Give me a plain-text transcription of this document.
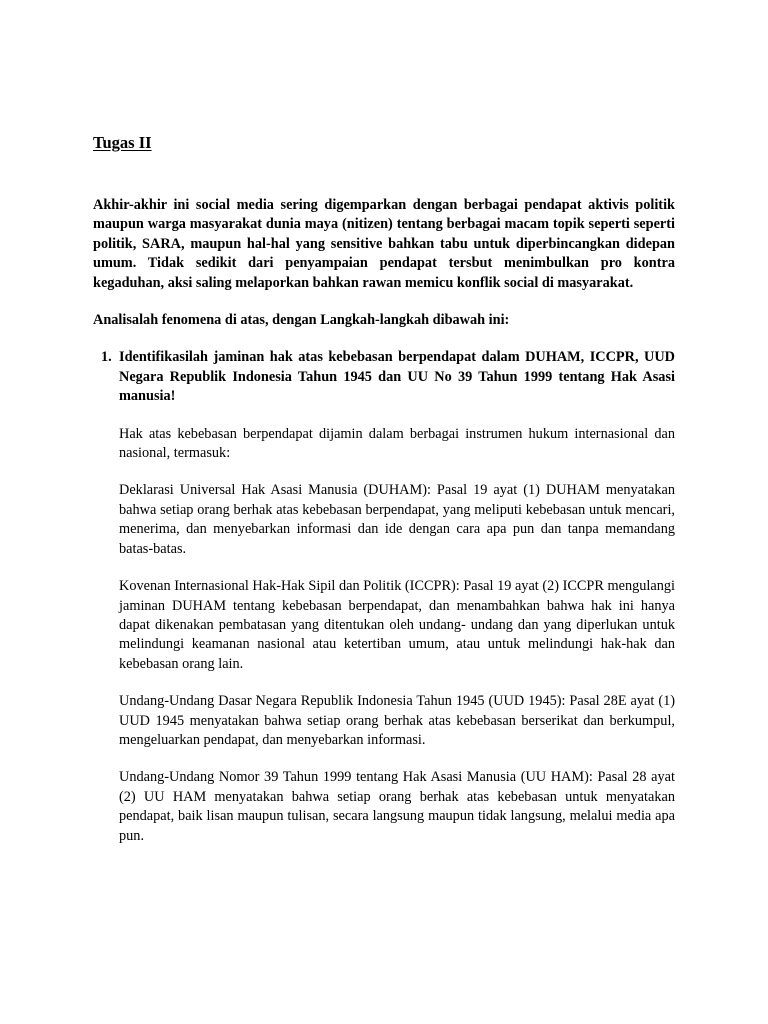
Tugas II

Akhir-akhir ini social media sering digemparkan dengan berbagai pendapat aktivis politik maupun warga masyarakat dunia maya (nitizen) tentang berbagai macam topik seperti seperti politik, SARA, maupun hal-hal yang sensitive bahkan tabu untuk diperbincangkan didepan umum. Tidak sedikit dari penyampaian pendapat tersbut menimbulkan pro kontra kegaduhan, aksi saling melaporkan bahkan rawan memicu konflik social di masyarakat.

Analisalah fenomena di atas, dengan Langkah-langkah dibawah ini:

1. Identifikasilah jaminan hak atas kebebasan berpendapat dalam DUHAM, ICCPR, UUD Negara Republik Indonesia Tahun 1945 dan UU No 39 Tahun 1999 tentang Hak Asasi manusia!

Hak atas kebebasan berpendapat dijamin dalam berbagai instrumen hukum internasional dan nasional, termasuk:

Deklarasi Universal Hak Asasi Manusia (DUHAM): Pasal 19 ayat (1) DUHAM menyatakan bahwa setiap orang berhak atas kebebasan berpendapat, yang meliputi kebebasan untuk mencari, menerima, dan menyebarkan informasi dan ide dengan cara apa pun dan tanpa memandang batas-batas.

Kovenan Internasional Hak-Hak Sipil dan Politik (ICCPR): Pasal 19 ayat (2) ICCPR mengulangi jaminan DUHAM tentang kebebasan berpendapat, dan menambahkan bahwa hak ini hanya dapat dikenakan pembatasan yang ditentukan oleh undang- undang dan yang diperlukan untuk melindungi keamanan nasional atau ketertiban umum, atau untuk melindungi hak-hak dan kebebasan orang lain.

Undang-Undang Dasar Negara Republik Indonesia Tahun 1945 (UUD 1945): Pasal 28E ayat (1) UUD 1945 menyatakan bahwa setiap orang berhak atas kebebasan berserikat dan berkumpul, mengeluarkan pendapat, dan menyebarkan informasi.

Undang-Undang Nomor 39 Tahun 1999 tentang Hak Asasi Manusia (UU HAM): Pasal 28 ayat (2) UU HAM menyatakan bahwa setiap orang berhak atas kebebasan untuk menyatakan pendapat, baik lisan maupun tulisan, secara langsung maupun tidak langsung, melalui media apa pun.
